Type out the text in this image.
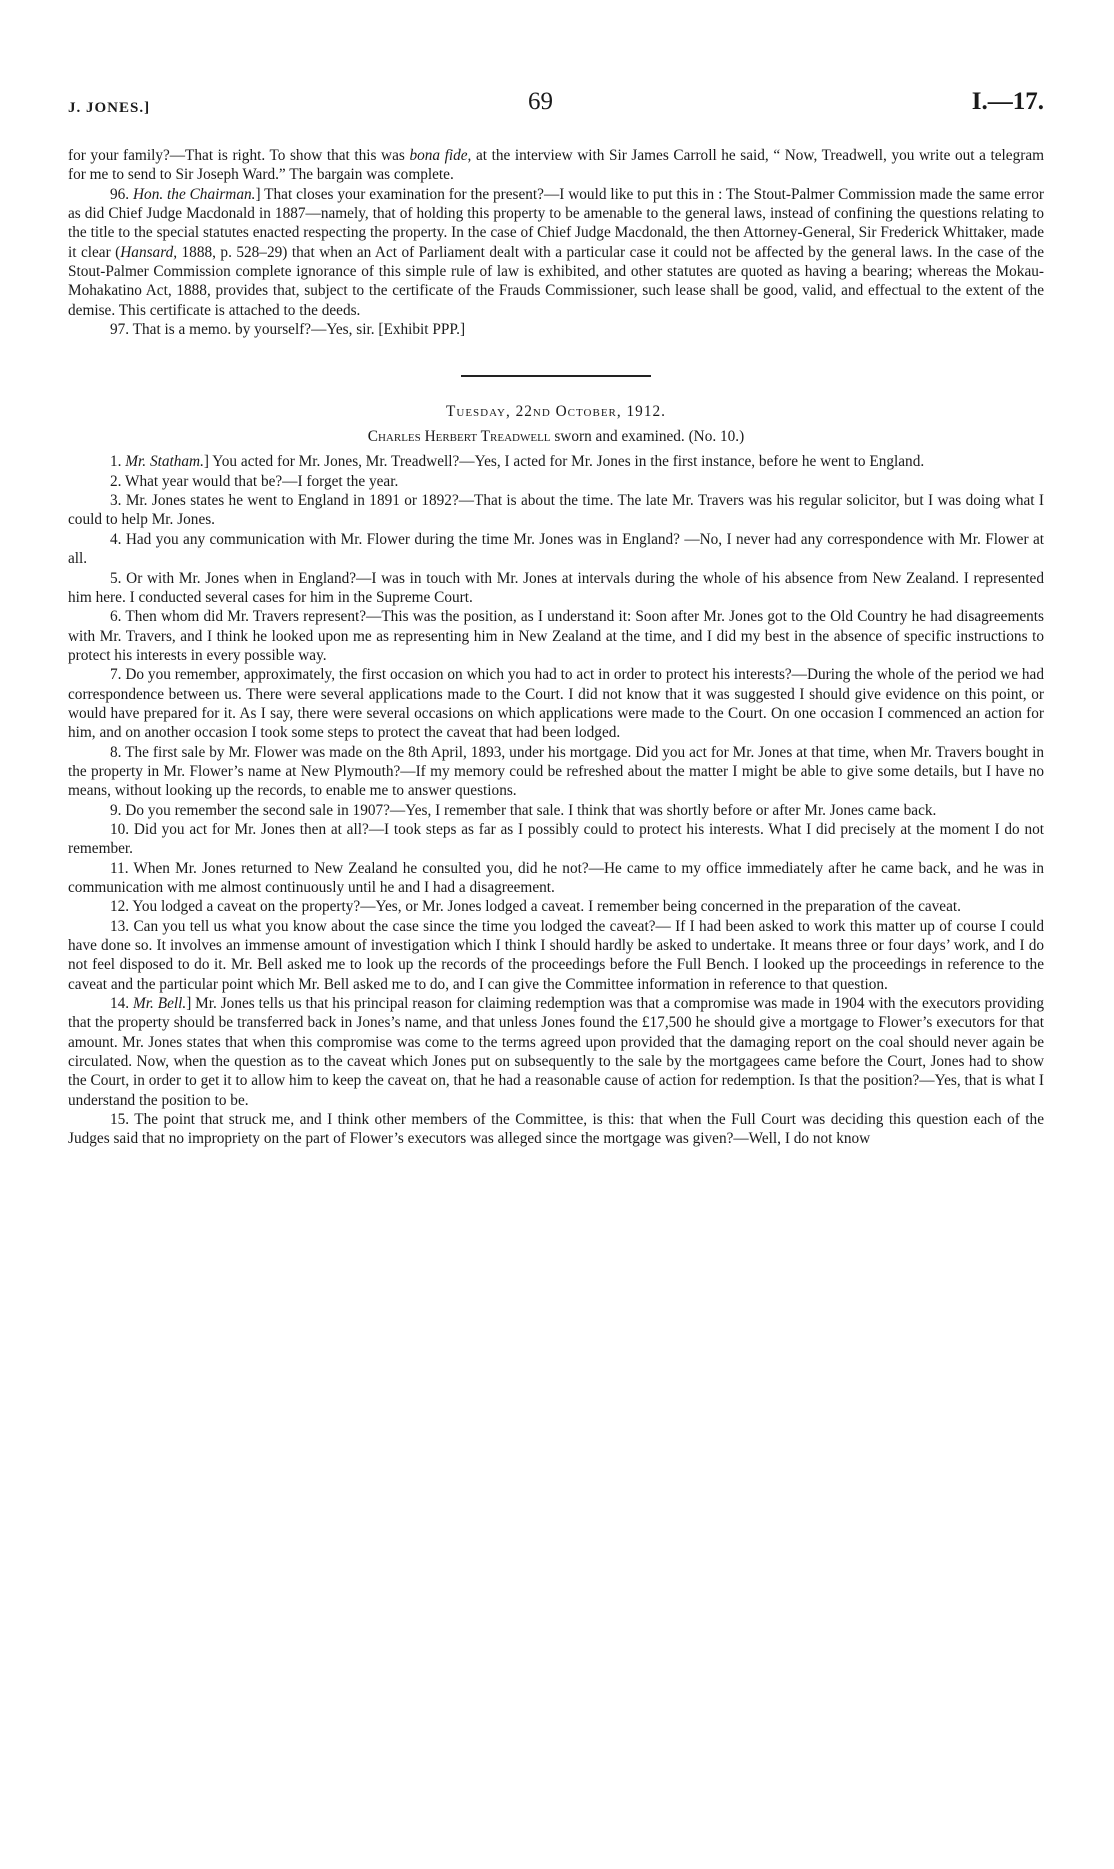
J. JONES.]	69	I.—17.

for your family?—That is right. To show that this was bona fide, at the interview with Sir James Carroll he said, “ Now, Treadwell, you write out a telegram for me to send to Sir Joseph Ward.” The bargain was complete.

96. Hon. the Chairman.] That closes your examination for the present?—I would like to put this in : The Stout-Palmer Commission made the same error as did Chief Judge Macdonald in 1887—namely, that of holding this property to be amenable to the general laws, instead of confining the questions relating to the title to the special statutes enacted respecting the property. In the case of Chief Judge Macdonald, the then Attorney-General, Sir Frederick Whittaker, made it clear (Hansard, 1888, p. 528–29) that when an Act of Parliament dealt with a particular case it could not be affected by the general laws. In the case of the Stout-Palmer Commission complete ignorance of this simple rule of law is exhibited, and other statutes are quoted as having a bearing; whereas the Mokau-Mohakatino Act, 1888, provides that, subject to the certificate of the Frauds Commissioner, such lease shall be good, valid, and effectual to the extent of the demise. This certificate is attached to the deeds.

97. That is a memo. by yourself?—Yes, sir. [Exhibit PPP.]

Tuesday, 22nd October, 1912.
Charles Herbert Treadwell sworn and examined. (No. 10.)

1. Mr. Statham.] You acted for Mr. Jones, Mr. Treadwell?—Yes, I acted for Mr. Jones in the first instance, before he went to England.

2. What year would that be?—I forget the year.

3. Mr. Jones states he went to England in 1891 or 1892?—That is about the time. The late Mr. Travers was his regular solicitor, but I was doing what I could to help Mr. Jones.

4. Had you any communication with Mr. Flower during the time Mr. Jones was in England? —No, I never had any correspondence with Mr. Flower at all.

5. Or with Mr. Jones when in England?—I was in touch with Mr. Jones at intervals during the whole of his absence from New Zealand. I represented him here. I conducted several cases for him in the Supreme Court.

6. Then whom did Mr. Travers represent?—This was the position, as I understand it: Soon after Mr. Jones got to the Old Country he had disagreements with Mr. Travers, and I think he looked upon me as representing him in New Zealand at the time, and I did my best in the absence of specific instructions to protect his interests in every possible way.

7. Do you remember, approximately, the first occasion on which you had to act in order to protect his interests?—During the whole of the period we had correspondence between us. There were several applications made to the Court. I did not know that it was suggested I should give evidence on this point, or would have prepared for it. As I say, there were several occasions on which applications were made to the Court. On one occasion I commenced an action for him, and on another occasion I took some steps to protect the caveat that had been lodged.

8. The first sale by Mr. Flower was made on the 8th April, 1893, under his mortgage. Did you act for Mr. Jones at that time, when Mr. Travers bought in the property in Mr. Flower’s name at New Plymouth?—If my memory could be refreshed about the matter I might be able to give some details, but I have no means, without looking up the records, to enable me to answer questions.

9. Do you remember the second sale in 1907?—Yes, I remember that sale. I think that was shortly before or after Mr. Jones came back.

10. Did you act for Mr. Jones then at all?—I took steps as far as I possibly could to protect his interests. What I did precisely at the moment I do not remember.

11. When Mr. Jones returned to New Zealand he consulted you, did he not?—He came to my office immediately after he came back, and he was in communication with me almost continuously until he and I had a disagreement.

12. You lodged a caveat on the property?—Yes, or Mr. Jones lodged a caveat. I remember being concerned in the preparation of the caveat.

13. Can you tell us what you know about the case since the time you lodged the caveat?— If I had been asked to work this matter up of course I could have done so. It involves an immense amount of investigation which I think I should hardly be asked to undertake. It means three or four days’ work, and I do not feel disposed to do it. Mr. Bell asked me to look up the records of the proceedings before the Full Bench. I looked up the proceedings in reference to the caveat and the particular point which Mr. Bell asked me to do, and I can give the Committee information in reference to that question.

14. Mr. Bell.] Mr. Jones tells us that his principal reason for claiming redemption was that a compromise was made in 1904 with the executors providing that the property should be transferred back in Jones’s name, and that unless Jones found the £17,500 he should give a mortgage to Flower’s executors for that amount. Mr. Jones states that when this compromise was come to the terms agreed upon provided that the damaging report on the coal should never again be circulated. Now, when the question as to the caveat which Jones put on subsequently to the sale by the mortgagees came before the Court, Jones had to show the Court, in order to get it to allow him to keep the caveat on, that he had a reasonable cause of action for redemption. Is that the position?—Yes, that is what I understand the position to be.

15. The point that struck me, and I think other members of the Committee, is this: that when the Full Court was deciding this question each of the Judges said that no impropriety on the part of Flower’s executors was alleged since the mortgage was given?—Well, I do not know
